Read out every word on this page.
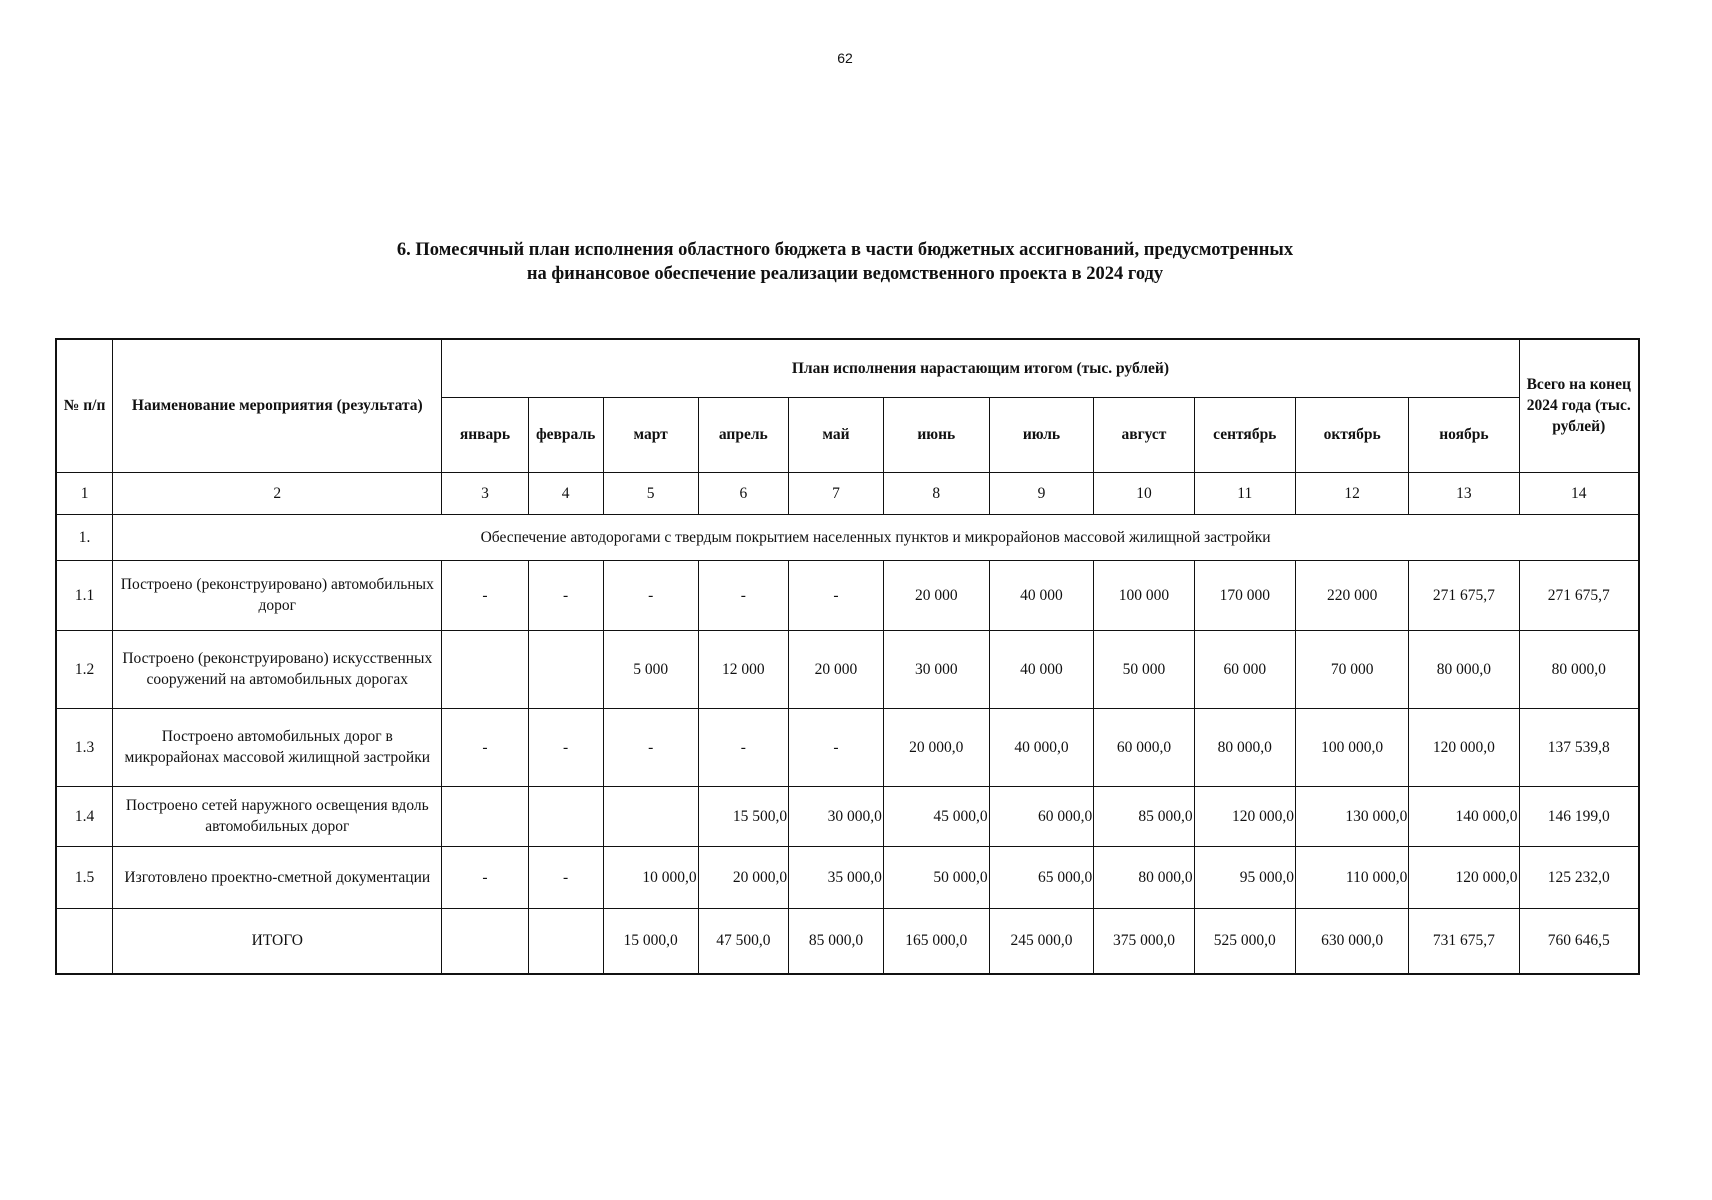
62
6. Помесячный план исполнения областного бюджета в части бюджетных ассигнований, предусмотренных
на финансовое обеспечение реализации ведомственного проекта в 2024 году
№ п/п	Наименование мероприятия (результата)	План исполнения нарастающим итогом (тыс. рублей)											Всего на конец 2024 года (тыс. рублей)
		январь	февраль	март	апрель	май	июнь	июль	август	сентябрь	октябрь	ноябрь	
1	2	3	4	5	6	7	8	9	10	11	12	13	14
1.	Обеспечение автодорогами с твердым покрытием населенных пунктов и микрорайонов массовой жилищной застройки												
1.1	Построено (реконструировано) автомобильных дорог	-	-	-	-	-	20 000	40 000	100 000	170 000	220 000	271 675,7	271 675,7
1.2	Построено (реконструировано) искусственных сооружений на автомобильных дорогах			5 000	12 000	20 000	30 000	40 000	50 000	60 000	70 000	80 000,0	80 000,0
1.3	Построено автомобильных дорог в микрорайонах массовой жилищной застройки	-	-	-	-	-	20 000,0	40 000,0	60 000,0	80 000,0	100 000,0	120 000,0	137 539,8
1.4	Построено сетей наружного освещения вдоль автомобильных дорог				15 500,0	30 000,0	45 000,0	60 000,0	85 000,0	120 000,0	130 000,0	140 000,0	146 199,0
1.5	Изготовлено проектно-сметной документации	-	-	10 000,0	20 000,0	35 000,0	50 000,0	65 000,0	80 000,0	95 000,0	110 000,0	120 000,0	125 232,0
	ИТОГО			15 000,0	47 500,0	85 000,0	165 000,0	245 000,0	375 000,0	525 000,0	630 000,0	731 675,7	760 646,5
